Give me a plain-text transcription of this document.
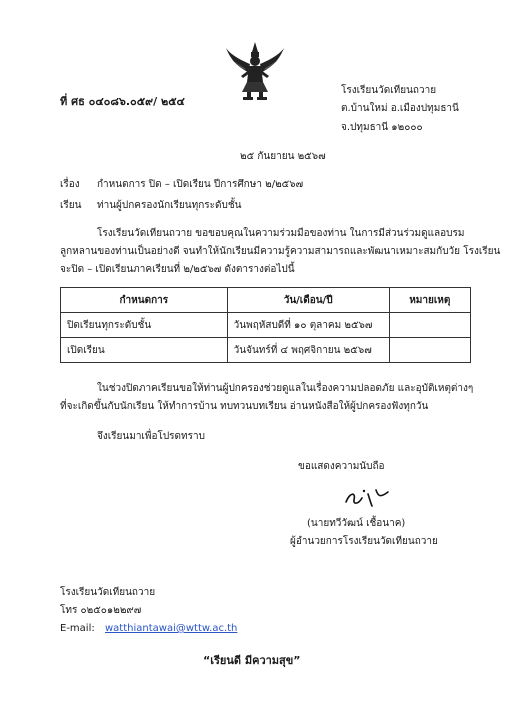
ที่ ศธ ๐๔๐๘๖.๐๕๙/ ๒๕๔
โรงเรียนวัดเทียนถวาย
ต.บ้านใหม่ อ.เมืองปทุมธานี
จ.ปทุมธานี ๑๒๐๐๐
๒๕ กันยายน ๒๕๖๗
เรื่อง กำหนดการ ปิด – เปิดเรียน ปีการศึกษา ๒/๒๕๖๗
เรียน ท่านผู้ปกครองนักเรียนทุกระดับชั้น
โรงเรียนวัดเทียนถวาย ขอขอบคุณในความร่วมมือของท่าน ในการมีส่วนร่วมดูแลอบรม
ลูกหลานของท่านเป็นอย่างดี จนทำให้นักเรียนมีความรู้ความสามารถและพัฒนาเหมาะสมกับวัย โรงเรียน
จะปิด – เปิดเรียนภาคเรียนที่ ๒/๒๕๖๗ ดังตารางต่อไปนี้
กำหนดการ	วัน/เดือน/ปี	หมายเหตุ
ปิดเรียนทุกระดับชั้น	วันพฤหัสบดีที่ ๑๐ ตุลาคม ๒๕๖๗	
เปิดเรียน	วันจันทร์ที่ ๔ พฤศจิกายน ๒๕๖๗	
ในช่วงปิดภาคเรียนขอให้ท่านผู้ปกครองช่วยดูแลในเรื่องความปลอดภัย และอุบัติเหตุต่างๆ
ที่จะเกิดขึ้นกับนักเรียน ให้ทำการบ้าน ทบทวนบทเรียน อ่านหนังสือให้ผู้ปกครองฟังทุกวัน
จึงเรียนมาเพื่อโปรดทราบ
ขอแสดงความนับถือ
(นายทวีวัฒน์ เชื้อนาค)
ผู้อำนวยการโรงเรียนวัดเทียนถวาย
โรงเรียนวัดเทียนถวาย
โทร ๐๒๕๐๑๒๒๙๗
E-mail: watthiantawai@wttw.ac.th
“เรียนดี มีความสุข”
